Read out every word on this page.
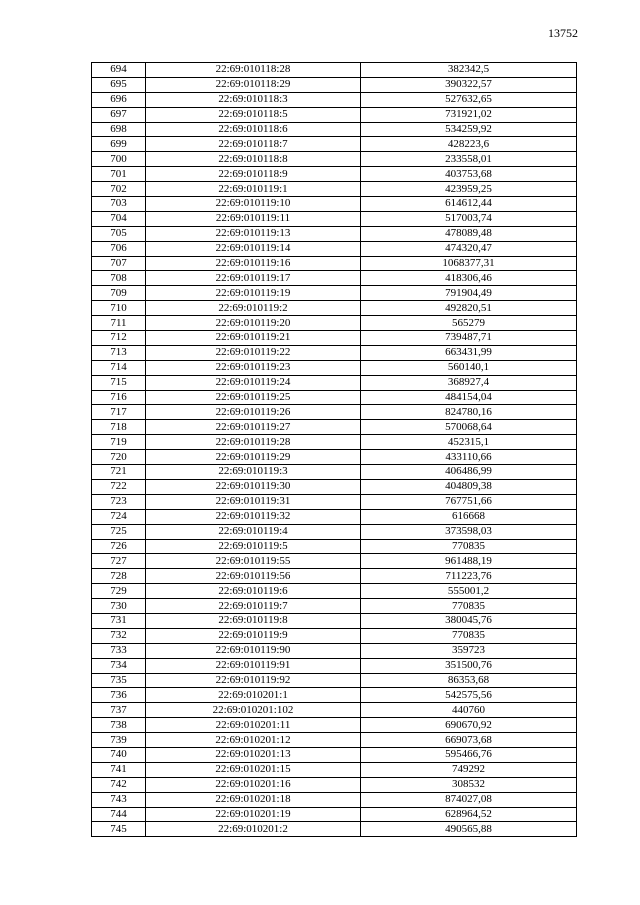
13752
694	22:69:010118:28	382342,5
695	22:69:010118:29	390322,57
696	22:69:010118:3	527632,65
697	22:69:010118:5	731921,02
698	22:69:010118:6	534259,92
699	22:69:010118:7	428223,6
700	22:69:010118:8	233558,01
701	22:69:010118:9	403753,68
702	22:69:010119:1	423959,25
703	22:69:010119:10	614612,44
704	22:69:010119:11	517003,74
705	22:69:010119:13	478089,48
706	22:69:010119:14	474320,47
707	22:69:010119:16	1068377,31
708	22:69:010119:17	418306,46
709	22:69:010119:19	791904,49
710	22:69:010119:2	492820,51
711	22:69:010119:20	565279
712	22:69:010119:21	739487,71
713	22:69:010119:22	663431,99
714	22:69:010119:23	560140,1
715	22:69:010119:24	368927,4
716	22:69:010119:25	484154,04
717	22:69:010119:26	824780,16
718	22:69:010119:27	570068,64
719	22:69:010119:28	452315,1
720	22:69:010119:29	433110,66
721	22:69:010119:3	406486,99
722	22:69:010119:30	404809,38
723	22:69:010119:31	767751,66
724	22:69:010119:32	616668
725	22:69:010119:4	373598,03
726	22:69:010119:5	770835
727	22:69:010119:55	961488,19
728	22:69:010119:56	711223,76
729	22:69:010119:6	555001,2
730	22:69:010119:7	770835
731	22:69:010119:8	380045,76
732	22:69:010119:9	770835
733	22:69:010119:90	359723
734	22:69:010119:91	351500,76
735	22:69:010119:92	86353,68
736	22:69:010201:1	542575,56
737	22:69:010201:102	440760
738	22:69:010201:11	690670,92
739	22:69:010201:12	669073,68
740	22:69:010201:13	595466,76
741	22:69:010201:15	749292
742	22:69:010201:16	308532
743	22:69:010201:18	874027,08
744	22:69:010201:19	628964,52
745	22:69:010201:2	490565,88
